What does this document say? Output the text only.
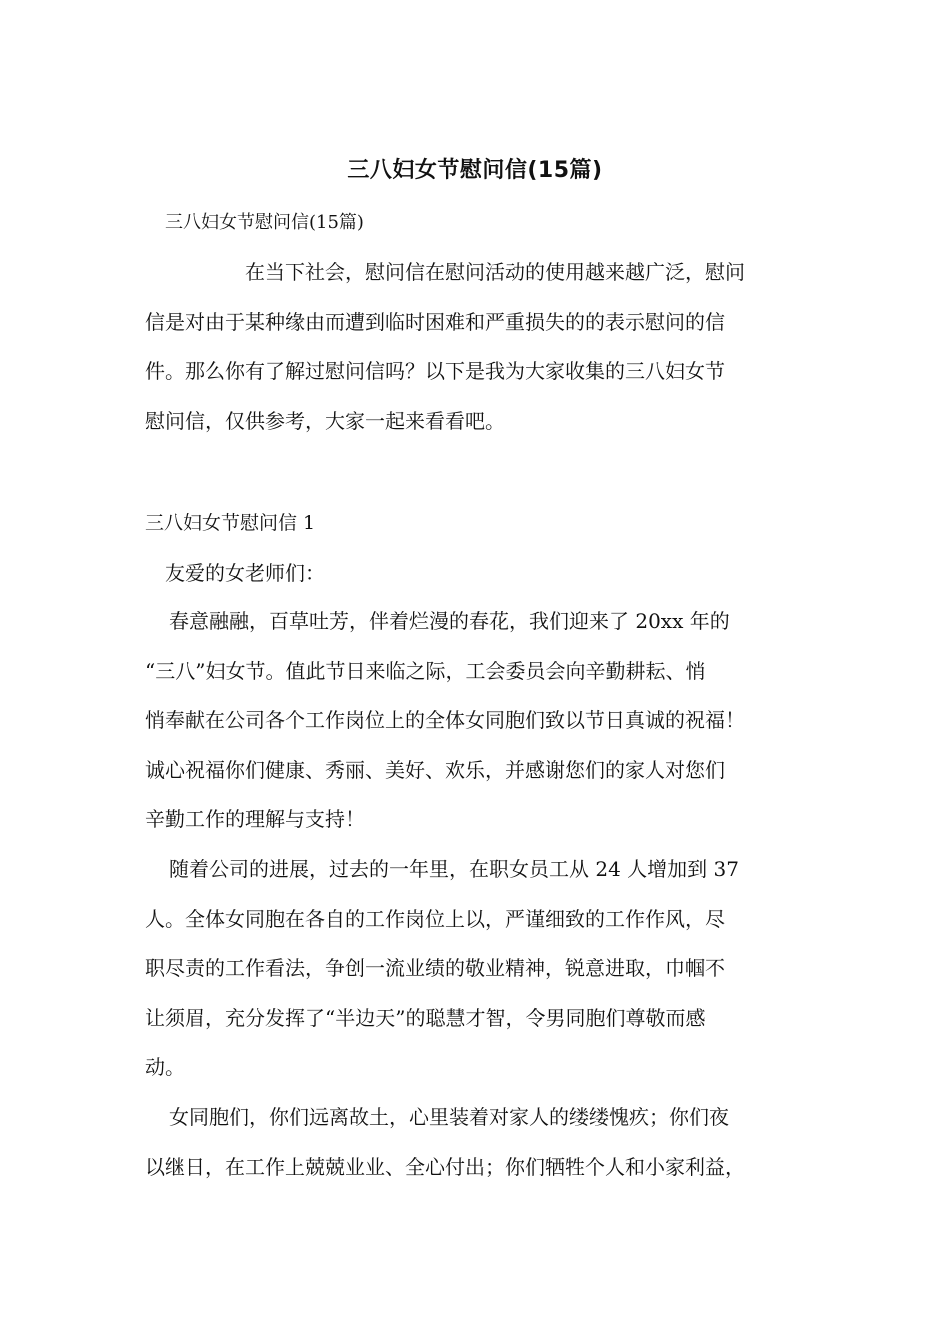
三八妇女节慰问信(15篇)
三八妇女节慰问信(15篇)
在当下社会，慰问信在慰问活动的使用越来越广泛，慰问
信是对由于某种缘由而遭到临时困难和严重损失的的表示慰问的信
件。那么你有了解过慰问信吗？以下是我为大家收集的三八妇女节
慰问信，仅供参考，大家一起来看看吧。
三八妇女节慰问信 1
友爱的女老师们：
春意融融，百草吐芳，伴着烂漫的春花，我们迎来了 20xx 年的
“三八”妇女节。值此节日来临之际，工会委员会向辛勤耕耘、悄
悄奉献在公司各个工作岗位上的全体女同胞们致以节日真诚的祝福！
诚心祝福你们健康、秀丽、美好、欢乐，并感谢您们的家人对您们
辛勤工作的理解与支持！
随着公司的进展，过去的一年里，在职女员工从 24 人增加到 37
人。全体女同胞在各自的工作岗位上以，严谨细致的工作作风，尽
职尽责的工作看法，争创一流业绩的敬业精神，锐意进取，巾帼不
让须眉，充分发挥了“半边天”的聪慧才智，令男同胞们尊敬而感
动。
女同胞们，你们远离故土，心里装着对家人的缕缕愧疚；你们夜
以继日，在工作上兢兢业业、全心付出；你们牺牲个人和小家利益，
